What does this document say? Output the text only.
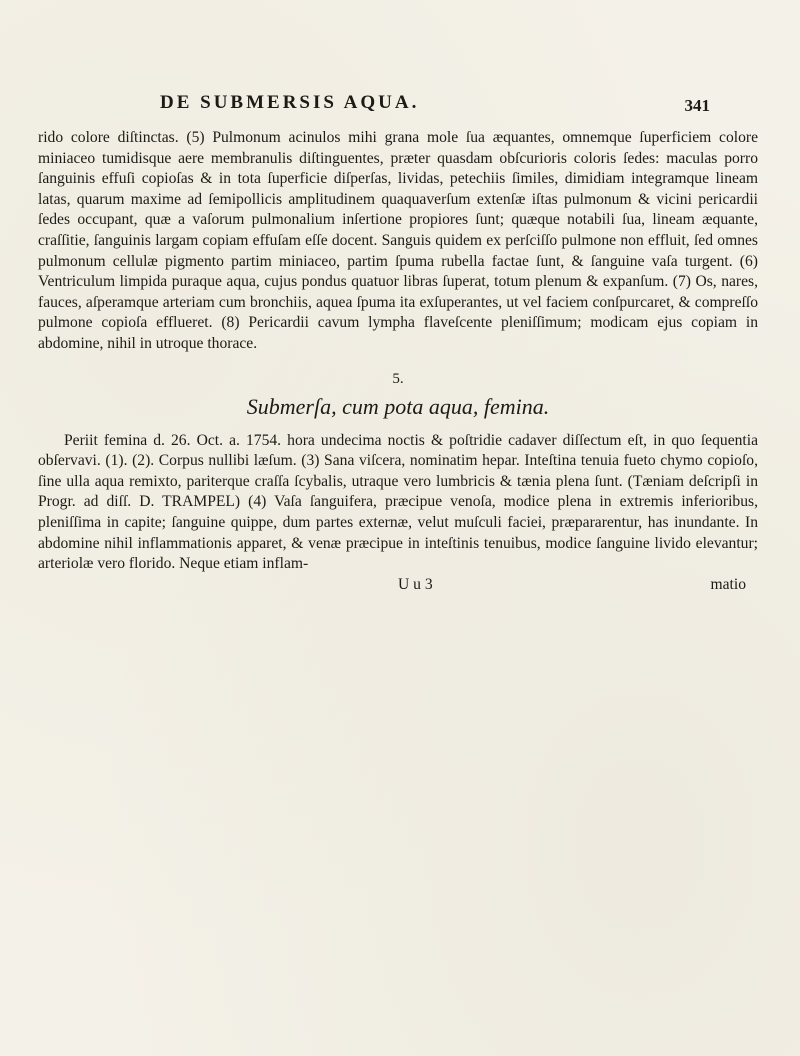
DE SUBMERSIS AQUA.	341

rido colore diſtinctas. (5) Pulmonum acinulos mihi grana mole ſua æquantes, omnemque ſuperficiem colore miniaceo tumidisque aere membranulis diſtinguentes, præter quasdam obſcurioris coloris ſedes: maculas porro ſanguinis effuſi copioſas & in tota ſuperficie diſperſas, lividas, petechiis ſimiles, dimidiam integramque lineam latas, quarum maxime ad ſemipollicis amplitudinem quaquaverſum extenſæ iſtas pulmonum & vicini pericardii ſedes occupant, quæ a vaſorum pulmonalium inſertione propiores ſunt; quæque notabili ſua, lineam æquante, craſſitie, ſanguinis largam copiam effuſam eſſe docent. Sanguis quidem ex perſciſſo pulmone non effluit, ſed omnes pulmonum cellulæ pigmento partim miniaceo, partim ſpuma rubella factae ſunt, & ſanguine vaſa turgent. (6) Ventriculum limpida puraque aqua, cujus pondus quatuor libras ſuperat, totum plenum & expanſum. (7) Os, nares, fauces, aſperamque arteriam cum bronchiis, aquea ſpuma ita exſuperantes, ut vel faciem conſpurcaret, & compreſſo pulmone copioſa efflueret. (8) Pericardii cavum lympha flaveſcente pleniſſimum; modicam ejus copiam in abdomine, nihil in utroque thorace.

5.
Submerſa, cum pota aqua, femina.

Periit femina d. 26. Oct. a. 1754. hora undecima noctis & poſtridie cadaver diſſectum eſt, in quo ſequentia obſervavi. (1). (2). Corpus nullibi læſum. (3) Sana viſcera, nominatim hepar. Inteſtina tenuia fueto chymo copioſo, ſine ulla aqua remixto, pariterque craſſa ſcybalis, utraque vero lumbricis & tænia plena ſunt. (Tæniam deſcripſi in Progr. ad diſſ. D. TRAMPEL) (4) Vaſa ſanguifera, præcipue venoſa, modice plena in extremis inferioribus, pleniſſima in capite; ſanguine quippe, dum partes externæ, velut muſculi faciei, præpararentur, has inundante. In abdomine nihil inflammationis apparet, & venæ præcipue in inteſtinis tenuibus, modice ſanguine livido elevantur; arteriolæ vero florido. Neque etiam inflam-

U u 3	matio
